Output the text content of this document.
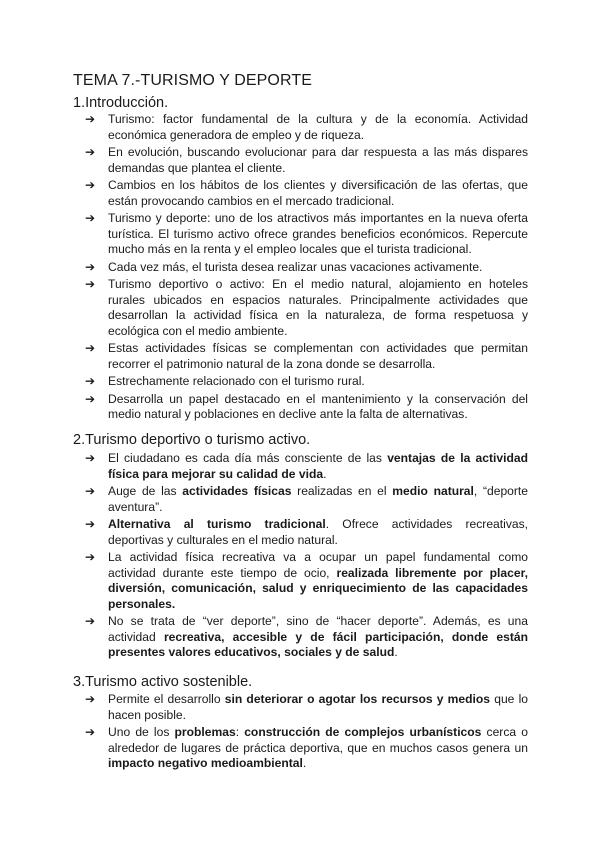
TEMA 7.-TURISMO Y DEPORTE
1.Introducción.
➔ Turismo: factor fundamental de la cultura y de la economía. Actividad económica generadora de empleo y de riqueza.
➔ En evolución, buscando evolucionar para dar respuesta a las más dispares demandas que plantea el cliente.
➔ Cambios en los hábitos de los clientes y diversificación de las ofertas, que están provocando cambios en el mercado tradicional.
➔ Turismo y deporte: uno de los atractivos más importantes en la nueva oferta turística. El turismo activo ofrece grandes beneficios económicos. Repercute mucho más en la renta y el empleo locales que el turista tradicional.
➔ Cada vez más, el turista desea realizar unas vacaciones activamente.
➔ Turismo deportivo o activo: En el medio natural, alojamiento en hoteles rurales ubicados en espacios naturales. Principalmente actividades que desarrollan la actividad física en la naturaleza, de forma respetuosa y ecológica con el medio ambiente.
➔ Estas actividades físicas se complementan con actividades que permitan recorrer el patrimonio natural de la zona donde se desarrolla.
➔ Estrechamente relacionado con el turismo rural.
➔ Desarrolla un papel destacado en el mantenimiento y la conservación del medio natural y poblaciones en declive ante la falta de alternativas.
2.Turismo deportivo o turismo activo.
➔ El ciudadano es cada día más consciente de las ventajas de la actividad física para mejorar su calidad de vida.
➔ Auge de las actividades físicas realizadas en el medio natural, “deporte aventura”.
➔ Alternativa al turismo tradicional. Ofrece actividades recreativas, deportivas y culturales en el medio natural.
➔ La actividad física recreativa va a ocupar un papel fundamental como actividad durante este tiempo de ocio, realizada libremente por placer, diversión, comunicación, salud y enriquecimiento de las capacidades personales.
➔ No se trata de “ver deporte”, sino de “hacer deporte”. Además, es una actividad recreativa, accesible y de fácil participación, donde están presentes valores educativos, sociales y de salud.
3.Turismo activo sostenible.
➔ Permite el desarrollo sin deteriorar o agotar los recursos y medios que lo hacen posible.
➔ Uno de los problemas: construcción de complejos urbanísticos cerca o alrededor de lugares de práctica deportiva, que en muchos casos genera un impacto negativo medioambiental.
